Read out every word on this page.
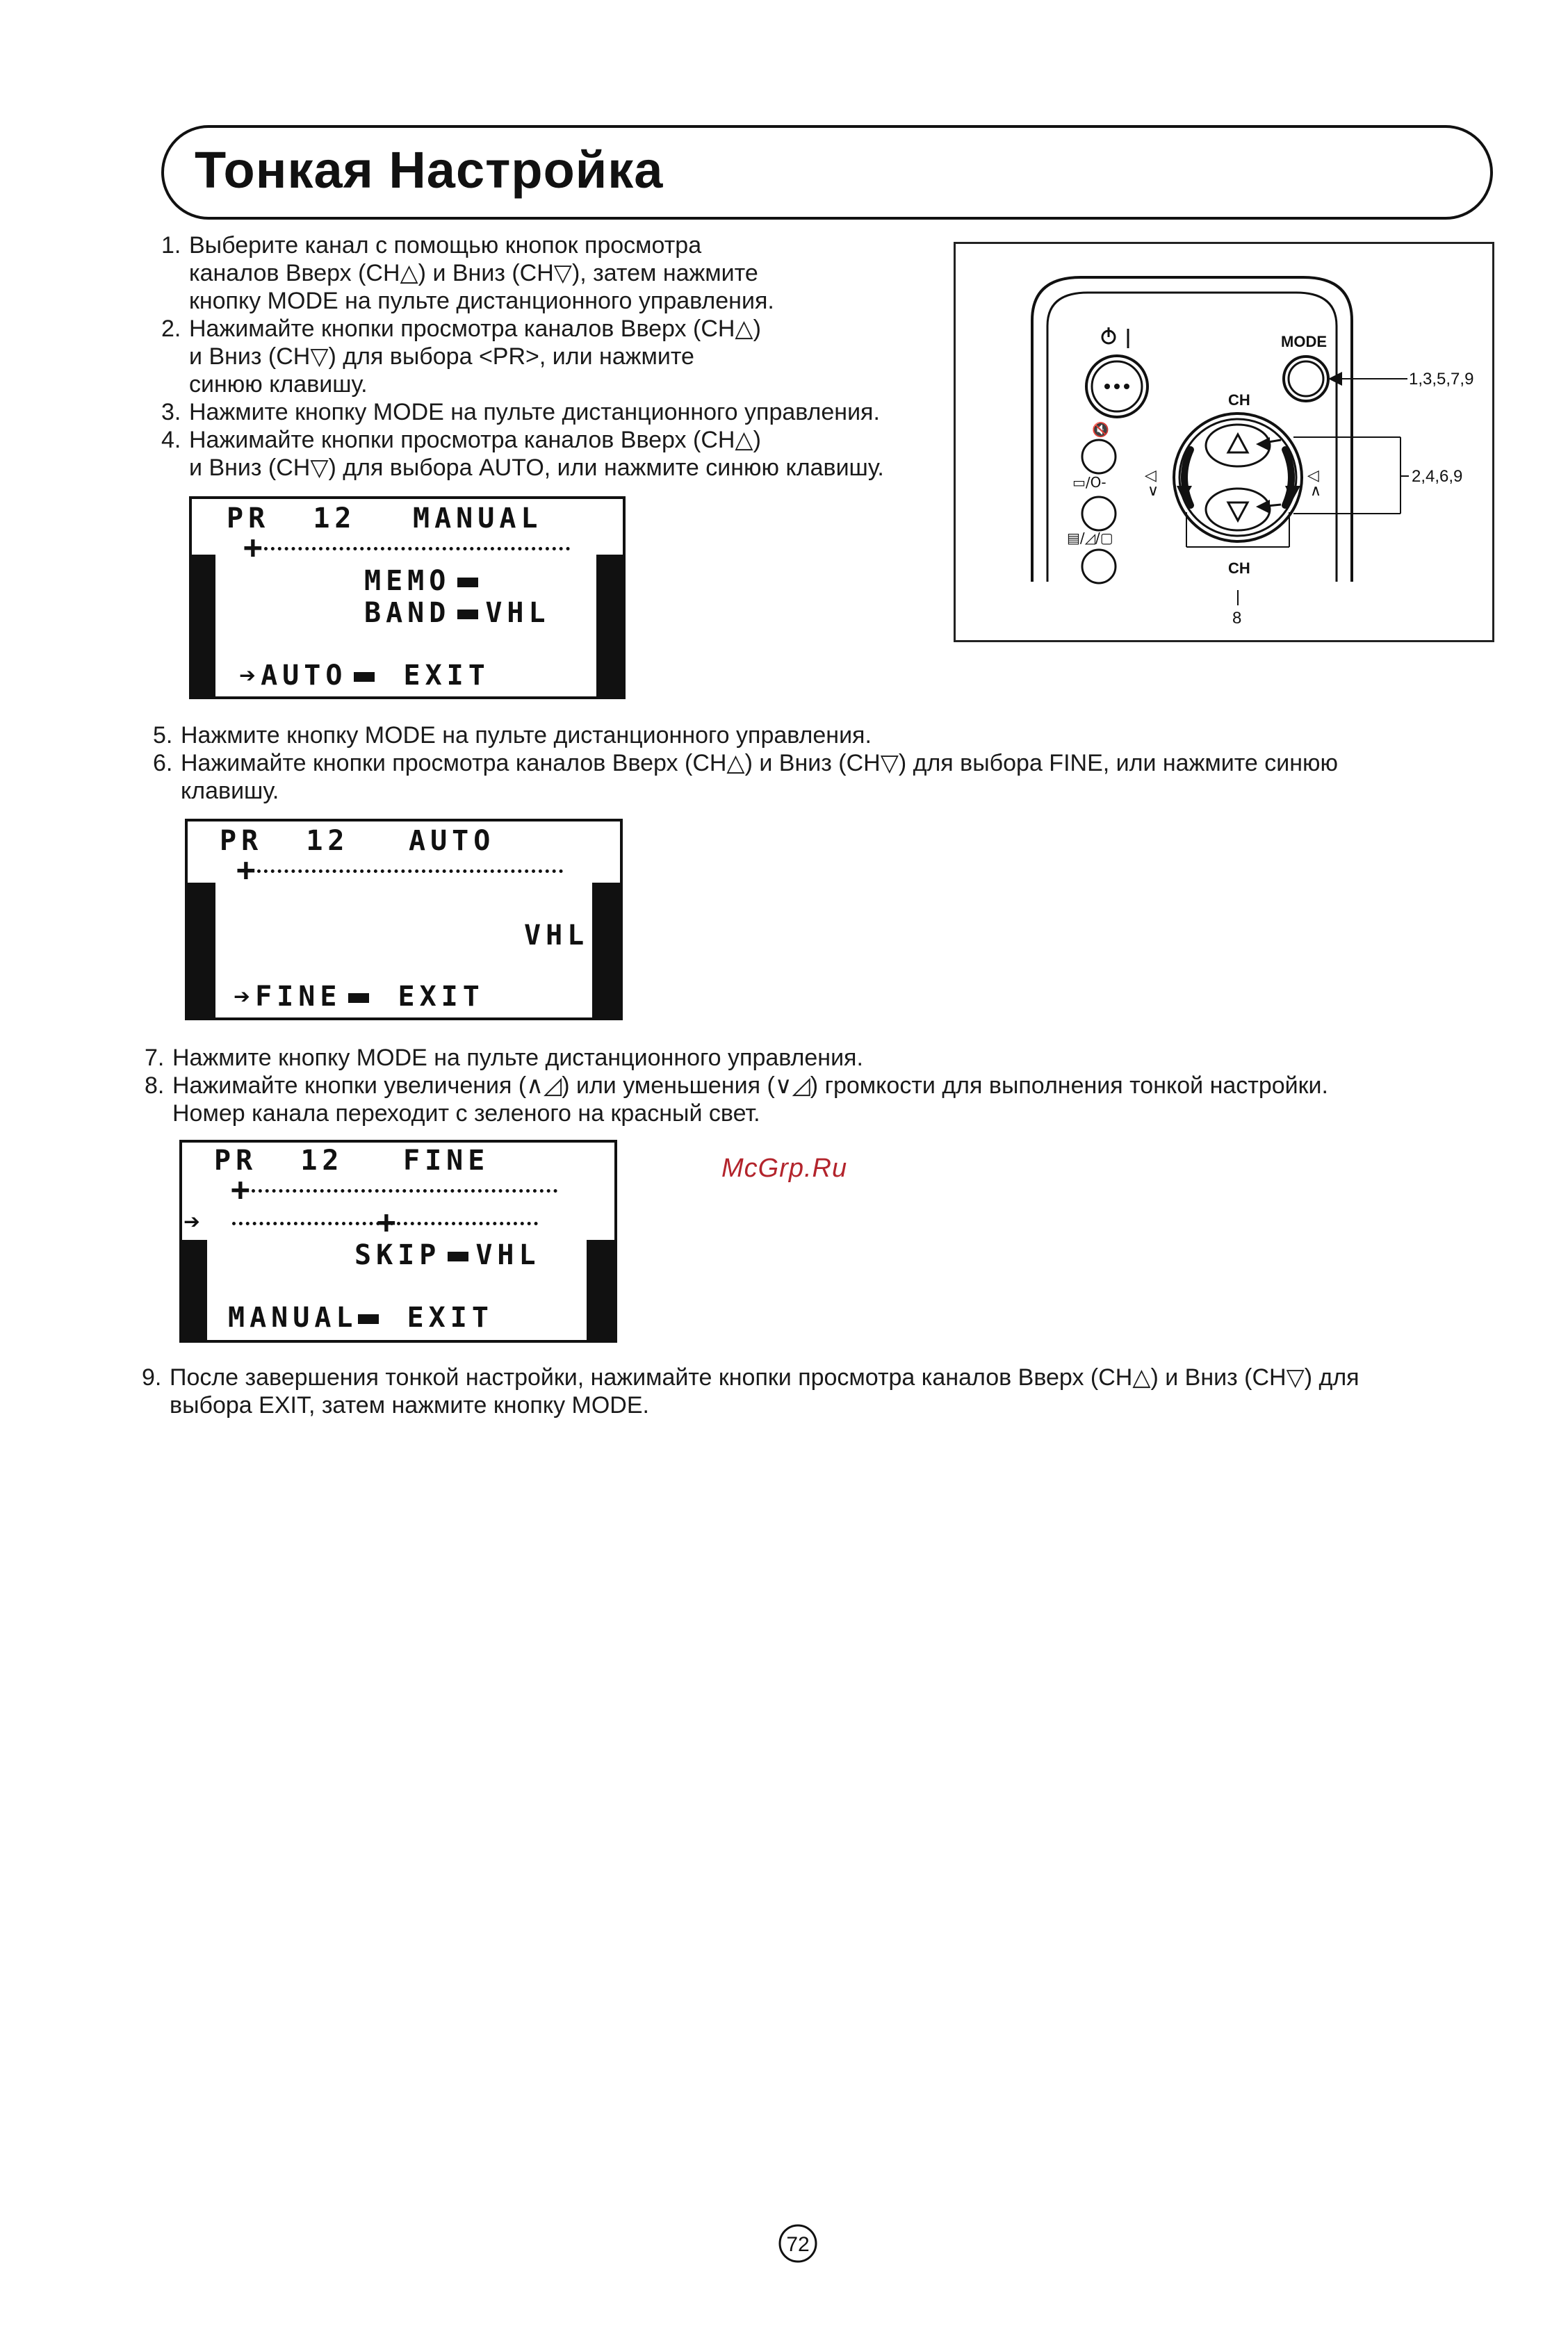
Тонкая Настройка
1. Выберите канал с помощью кнопок просмотра
каналов Вверх (CH△) и Вниз (CH▽), затем нажмите
кнопку MODE на пульте дистанционного управления.
2. Нажимайте кнопки просмотра каналов Вверх (CH△)
и Вниз (CH▽) для выбора <PR>, или нажмите
синюю клавишу.
3. Нажмите кнопку MODE на пульте дистанционного управления.
4. Нажимайте кнопки просмотра каналов Вверх (CH△)
и Вниз (CH▽) для выбора AUTO, или нажмите синюю клавишу.
MODE
🔇
▭/O‑
▤/◿/▢
CH
◁
∨
◁
∧
CH
8
1,3,5,7,9
2,4,6,9
PR  12 MANUAL
+
MEMO
BAND VHL
➔AUTO EXIT
5. Нажмите кнопку MODE на пульте дистанционного управления.
6. Нажимайте кнопки просмотра каналов Вверх (CH△) и Вниз (CH▽) для выбора FINE, или нажмите синюю
клавишу.
PR  12 AUTO
+
VHL
➔FINE EXIT
7. Нажмите кнопку MODE на пульте дистанционного управления.
8. Нажимайте кнопки увеличения (∧◿) или уменьшения (∨◿) громкости для выполнения тонкой настройки.
Номер канала переходит с зеленого на красный свет.
PR  12 FINE
+
➔	+
SKIP VHL
MANUAL EXIT
McGrp.Ru
9. После завершения тонкой настройки, нажимайте кнопки просмотра каналов Вверх (CH△) и Вниз (CH▽) для
выбора EXIT, затем нажмите кнопку MODE.
72
